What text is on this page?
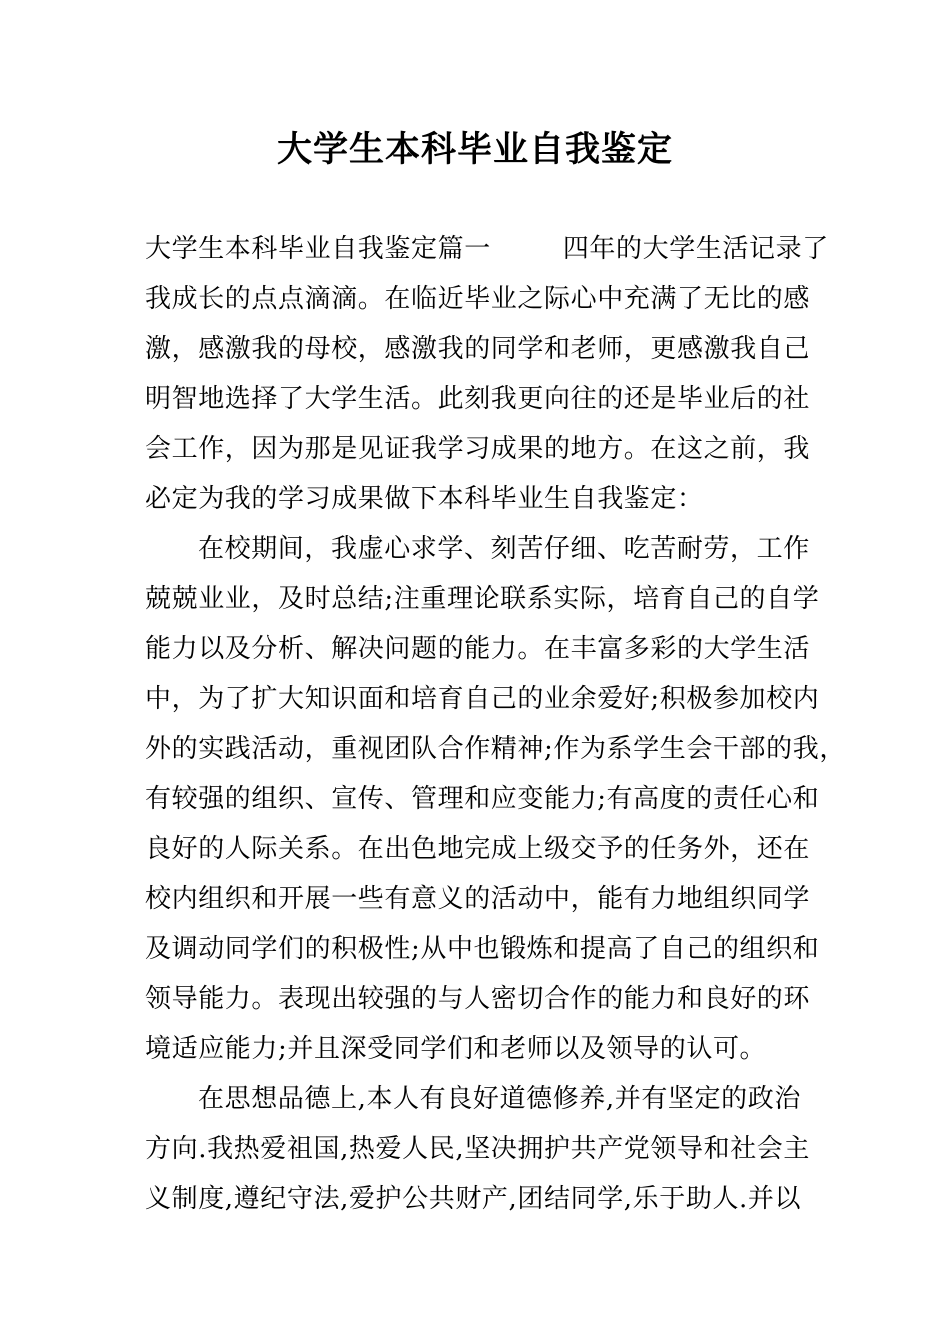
大学生本科毕业自我鉴定
大学生本科毕业自我鉴定篇一	四年的大学生活记录了
我成长的点点滴滴。在临近毕业之际心中充满了无比的感
激，感激我的母校，感激我的同学和老师，更感激我自己
明智地选择了大学生活。此刻我更向往的还是毕业后的社
会工作，因为那是见证我学习成果的地方。在这之前，我
必定为我的学习成果做下本科毕业生自我鉴定：
在校期间，我虚心求学、刻苦仔细、吃苦耐劳，工作
兢兢业业，及时总结;注重理论联系实际，培育自己的自学
能力以及分析、解决问题的能力。在丰富多彩的大学生活
中，为了扩大知识面和培育自己的业余爱好;积极参加校内
外的实践活动，重视团队合作精神;作为系学生会干部的我，
有较强的组织、宣传、管理和应变能力;有高度的责任心和
良好的人际关系。在出色地完成上级交予的任务外，还在
校内组织和开展一些有意义的活动中，能有力地组织同学
及调动同学们的积极性;从中也锻炼和提高了自己的组织和
领导能力。表现出较强的与人密切合作的能力和良好的环
境适应能力;并且深受同学们和老师以及领导的认可。
在思想品德上,本人有良好道德修养,并有坚定的政治
方向.我热爱祖国,热爱人民,坚决拥护共产党领导和社会主
义制度,遵纪守法,爱护公共财产,团结同学,乐于助人.并以
